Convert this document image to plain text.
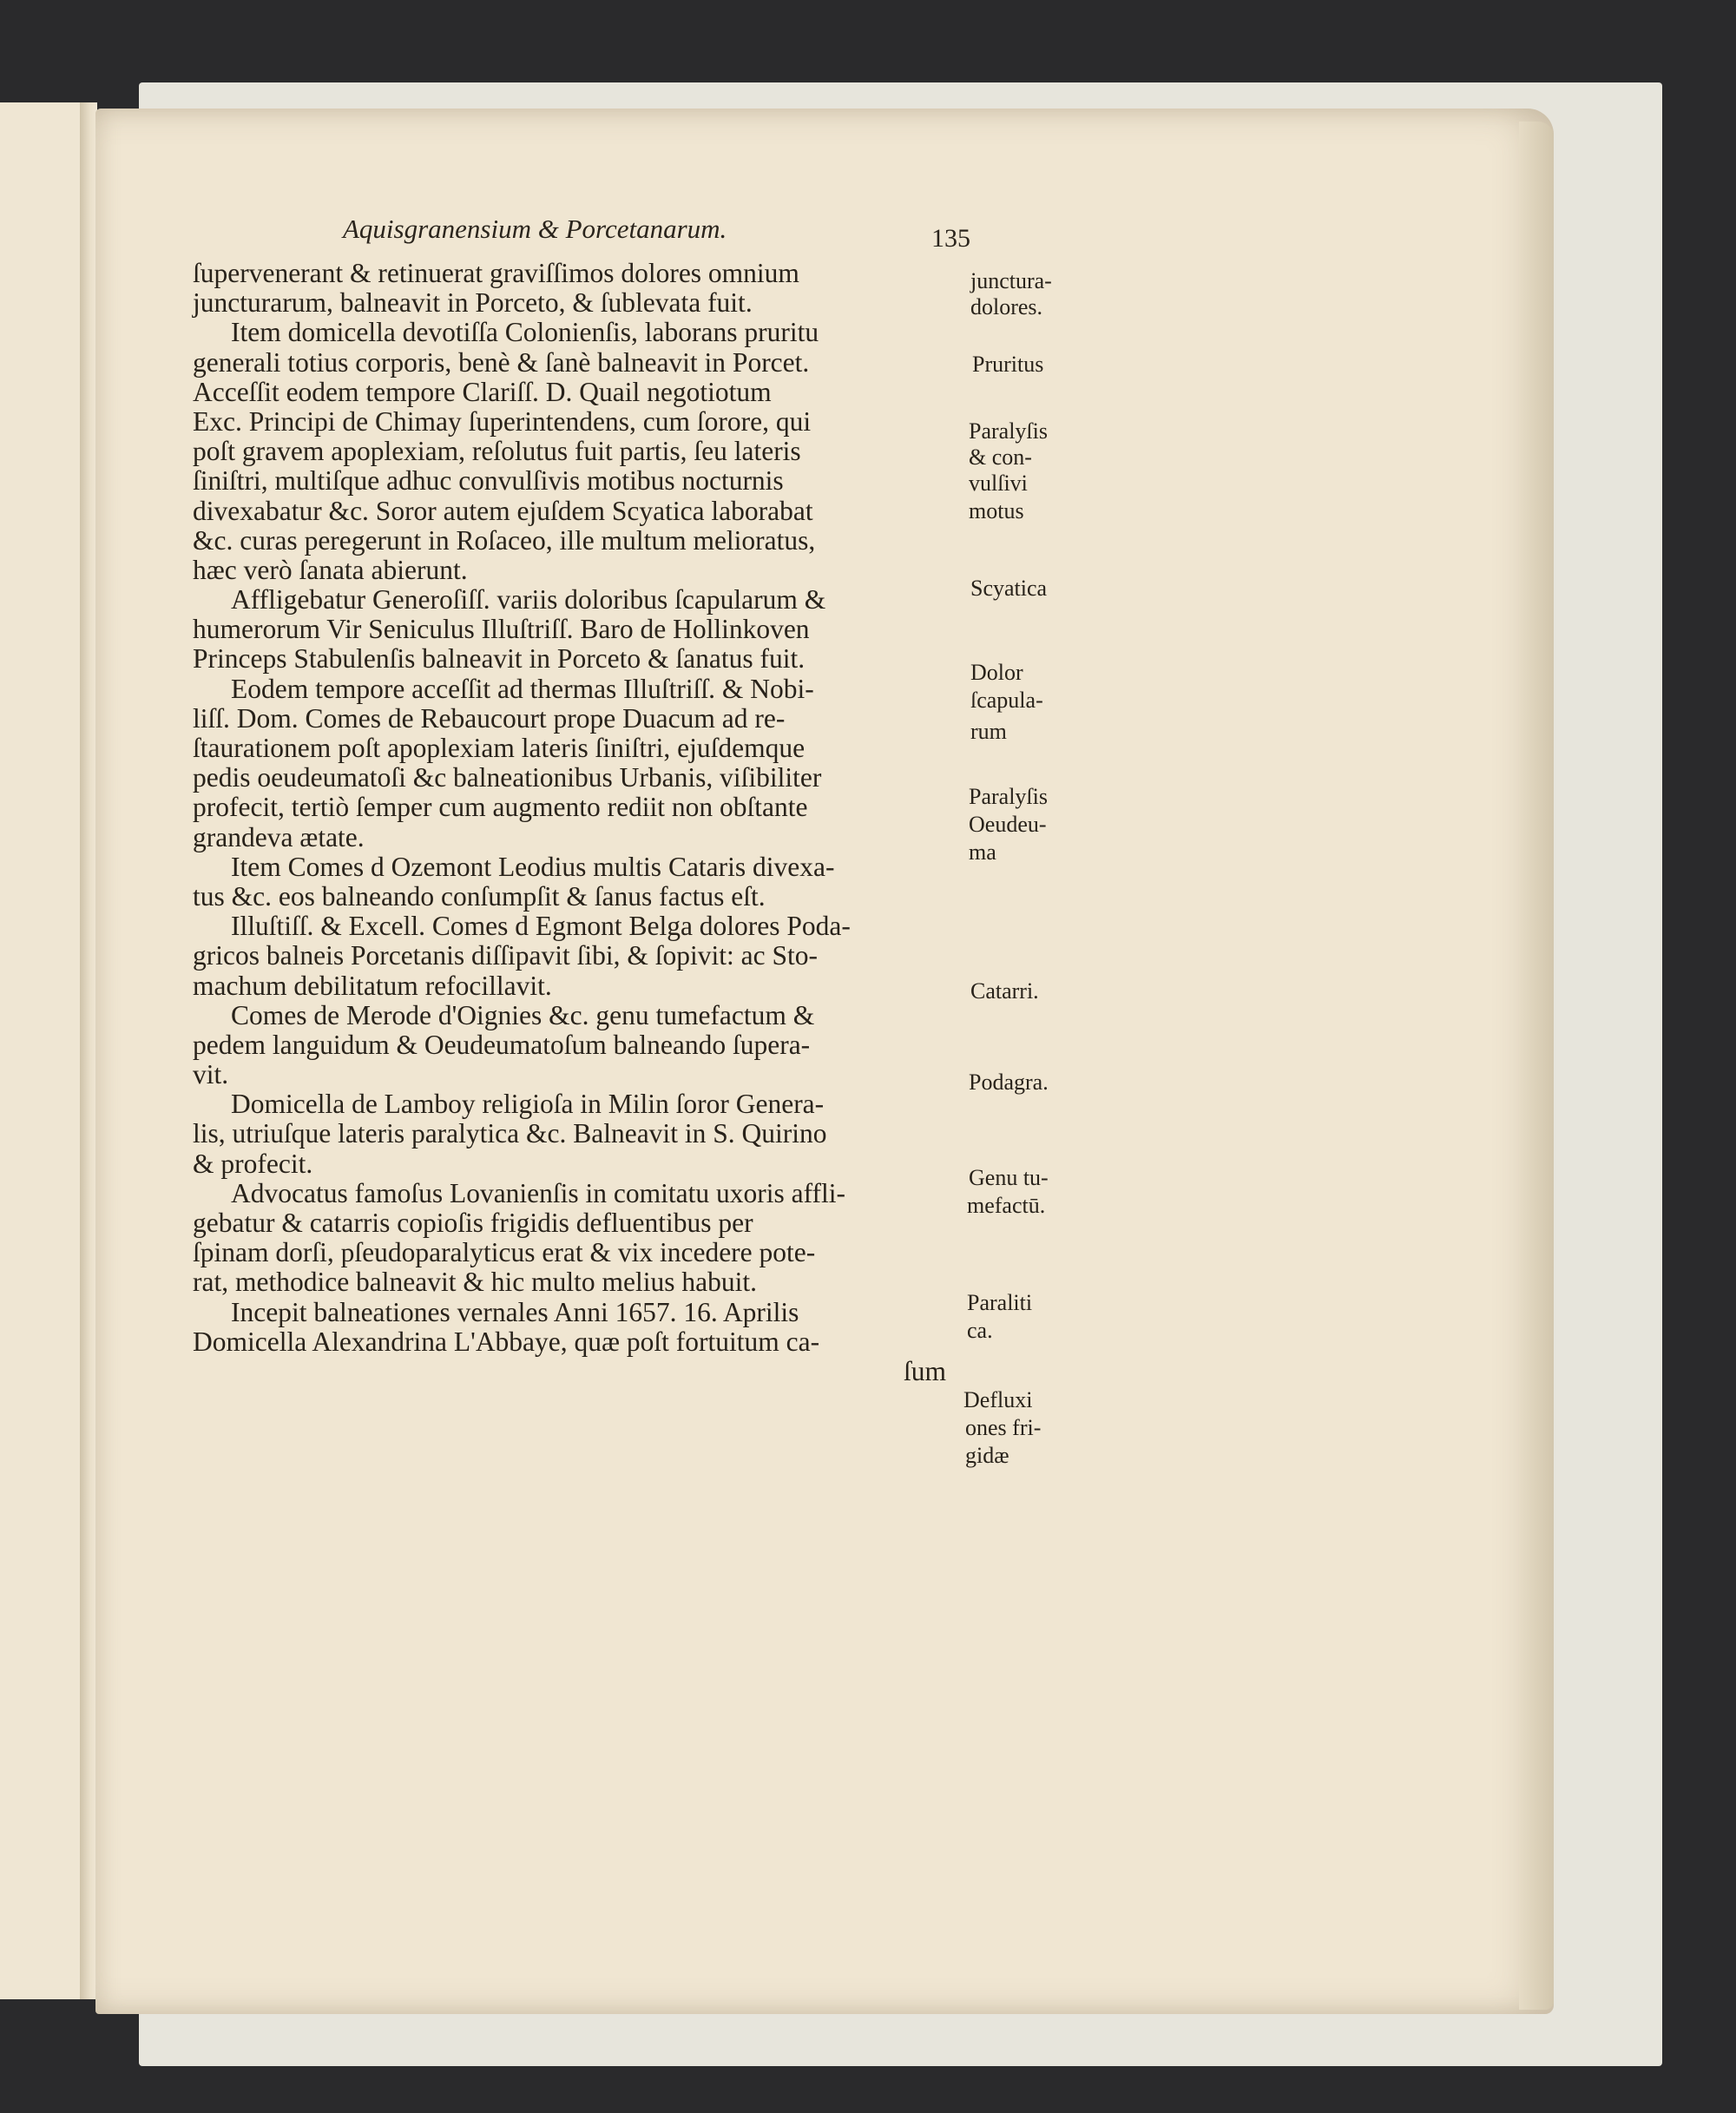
Aquisgranensium & Porcetanarum.	135
ſupervenerant & retinuerat graviſſimos dolores omnium
juncturarum, balneavit in Porceto, & ſublevata fuit.
Item domicella devotiſſa Colonienſis, laborans pruritu
generali totius corporis, benè & ſanè balneavit in Porcet.
Acceſſit eodem tempore Clariſſ. D. Quail negotiotum
Exc. Principi de Chimay ſuperintendens, cum ſorore, qui
poſt gravem apoplexiam, reſolutus fuit partis, ſeu lateris
ſiniſtri, multiſque adhuc convulſivis motibus nocturnis
divexabatur &c. Soror autem ejuſdem Scyatica laborabat
&c. curas peregerunt in Roſaceo, ille multum melioratus,
hæc verò ſanata abierunt.
Affligebatur Generoſiſſ. variis doloribus ſcapularum &
humerorum Vir Seniculus Illuſtriſſ. Baro de Hollinkoven
Princeps Stabulenſis balneavit in Porceto & ſanatus fuit.
Eodem tempore acceſſit ad thermas Illuſtriſſ. & Nobi-
liſſ. Dom. Comes de Rebaucourt prope Duacum ad re-
ſtaurationem poſt apoplexiam lateris ſiniſtri, ejuſdemque
pedis oeudeumatoſi &c balneationibus Urbanis, viſibiliter
profecit, tertiò ſemper cum augmento rediit non obſtante
grandeva ætate.
Item Comes d Ozemont Leodius multis Cataris divexa-
tus &c. eos balneando conſumpſit & ſanus factus eſt.
Illuſtiſſ. & Excell. Comes d Egmont Belga dolores Poda-
gricos balneis Porcetanis diſſipavit ſibi, & ſopivit: ac Sto-
machum debilitatum refocillavit.
Comes de Merode d'Oignies &c. genu tumefactum &
pedem languidum & Oeudeumatoſum balneando ſupera-
vit.
Domicella de Lamboy religioſa in Milin ſoror Genera-
lis, utriuſque lateris paralytica &c. Balneavit in S. Quirino
& profecit.
Advocatus famoſus Lovanienſis in comitatu uxoris affli-
gebatur & catarris copioſis frigidis defluentibus per
ſpinam dorſi, pſeudoparalyticus erat & vix incedere pote-
rat, methodice balneavit & hic multo melius habuit.
Incepit balneationes vernales Anni 1657. 16. Aprilis
Domicella Alexandrina L'Abbaye, quæ poſt fortuitum ca-
ſum
junctura-
dolores.
Pruritus
Paralyſis
& con-
vulſivi
motus
Scyatica
Dolor
ſcapula-
rum
Paralyſis
Oeudeu-
ma
Catarri.
Podagra.
Genu tu-
mefactū.
Paraliti
ca.
Defluxi
ones fri-
gidæ
